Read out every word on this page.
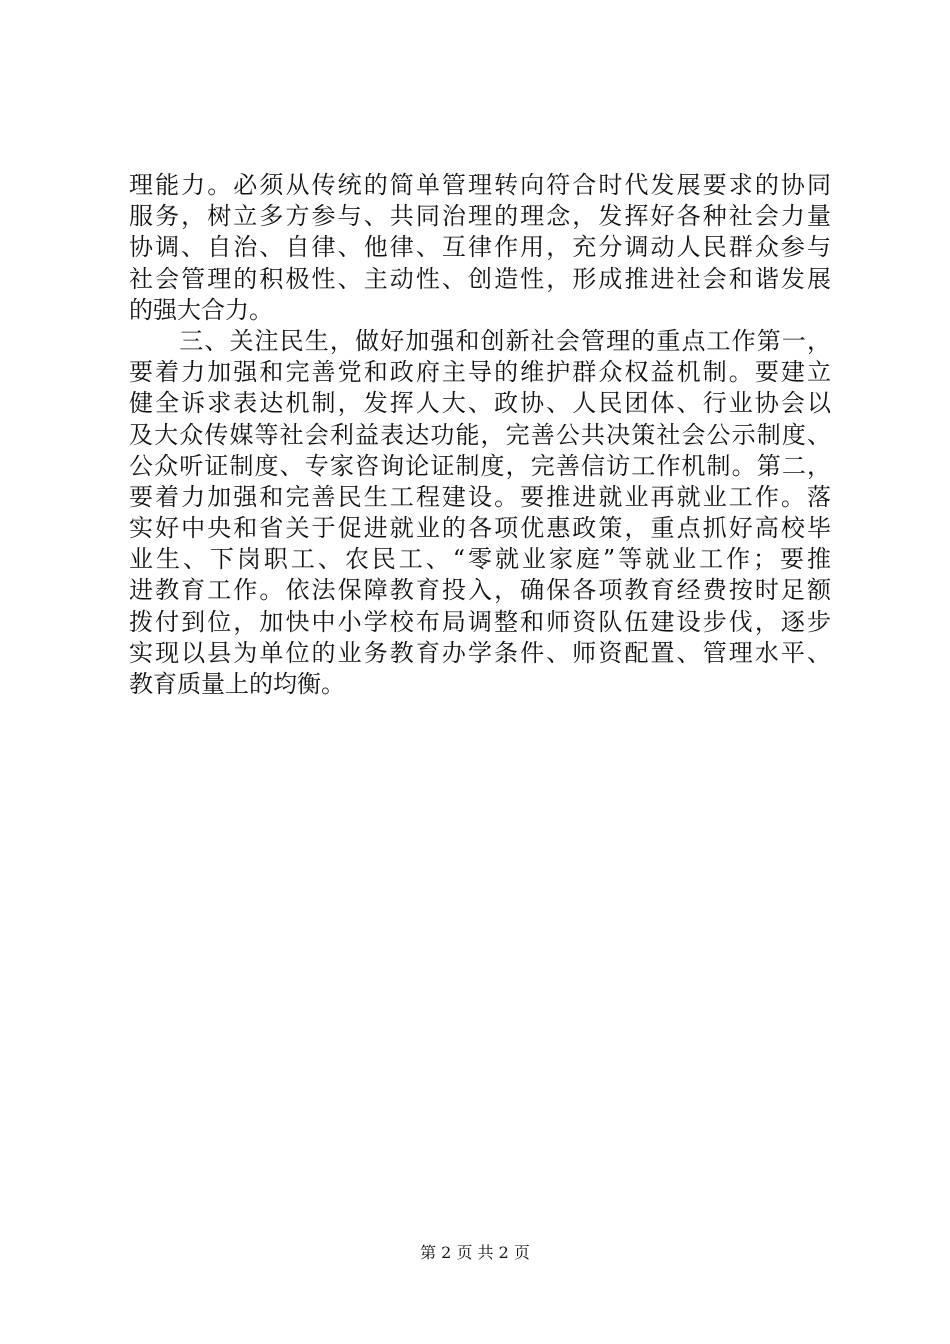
理能力。必须从传统的简单管理转向符合时代发展要求的协同
服务，树立多方参与、共同治理的理念，发挥好各种社会力量
协调、自治、自律、他律、互律作用，充分调动人民群众参与
社会管理的积极性、主动性、创造性，形成推进社会和谐发展
的强大合力。
　　三、关注民生，做好加强和创新社会管理的重点工作第一，
要着力加强和完善党和政府主导的维护群众权益机制。要建立
健全诉求表达机制，发挥人大、政协、人民团体、行业协会以
及大众传媒等社会利益表达功能，完善公共决策社会公示制度、
公众听证制度、专家咨询论证制度，完善信访工作机制。第二，
要着力加强和完善民生工程建设。要推进就业再就业工作。落
实好中央和省关于促进就业的各项优惠政策，重点抓好高校毕
业生、下岗职工、农民工、“零就业家庭”等就业工作；要推
进教育工作。依法保障教育投入，确保各项教育经费按时足额
拨付到位，加快中小学校布局调整和师资队伍建设步伐，逐步
实现以县为单位的业务教育办学条件、师资配置、管理水平、
教育质量上的均衡。
第 2 页 共 2 页
